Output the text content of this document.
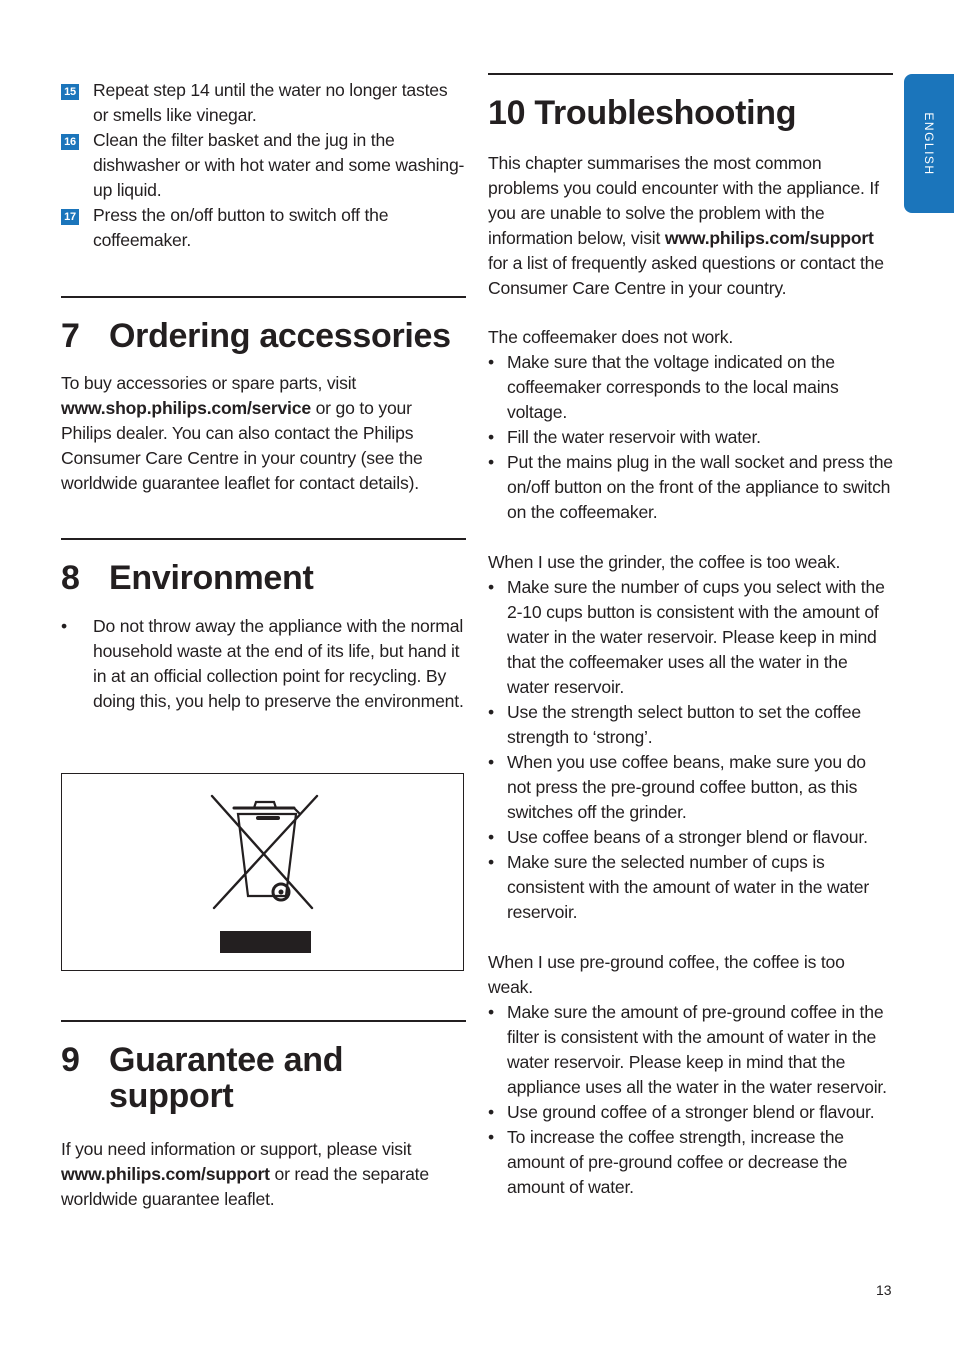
ENGLISH
15 Repeat step 14 until the water no longer tastes or smells like vinegar.
16 Clean the filter basket and the jug in the dishwasher or with hot water and some washing-up liquid.
17 Press the on/off button to switch off the coffeemaker.
7 Ordering accessories

To buy accessories or spare parts, visit www.shop.philips.com/service or go to your Philips dealer. You can also contact the Philips Consumer Care Centre in your country (see the worldwide guarantee leaflet for contact details).

8 Environment
• Do not throw away the appliance with the normal household waste at the end of its life, but hand it in at an official collection point for recycling. By doing this, you help to preserve the environment.
9 Guarantee and
support

If you need information or support, please visit www.philips.com/support or read the separate worldwide guarantee leaflet.

10 Troubleshooting

This chapter summarises the most common problems you could encounter with the appliance. If you are unable to solve the problem with the information below, visit www.philips.com/support for a list of frequently asked questions or contact the Consumer Care Centre in your country.

The coffeemaker does not work.

• Make sure that the voltage indicated on the coffeemaker corresponds to the local mains voltage.
• Fill the water reservoir with water.
• Put the mains plug in the wall socket and press the on/off button on the front of the appliance to switch on the coffeemaker.

When I use the grinder, the coffee is too weak.

• Make sure the number of cups you select with the 2-10 cups button is consistent with the amount of water in the water reservoir. Please keep in mind that the coffeemaker uses all the water in the water reservoir.
• Use the strength select button to set the coffee strength to ‘strong’.
• When you use coffee beans, make sure you do not press the pre-ground coffee button, as this switches off the grinder.
• Use coffee beans of a stronger blend or flavour.
• Make sure the selected number of cups is consistent with the amount of water in the water reservoir.

When I use pre-ground coffee, the coffee is too weak.

• Make sure the amount of pre-ground coffee in the filter is consistent with the amount of water in the water reservoir. Please keep in mind that the appliance uses all the water in the water reservoir.
• Use ground coffee of a stronger blend or flavour.
• To increase the coffee strength, increase the amount of pre-ground coffee or decrease the amount of water.
13
